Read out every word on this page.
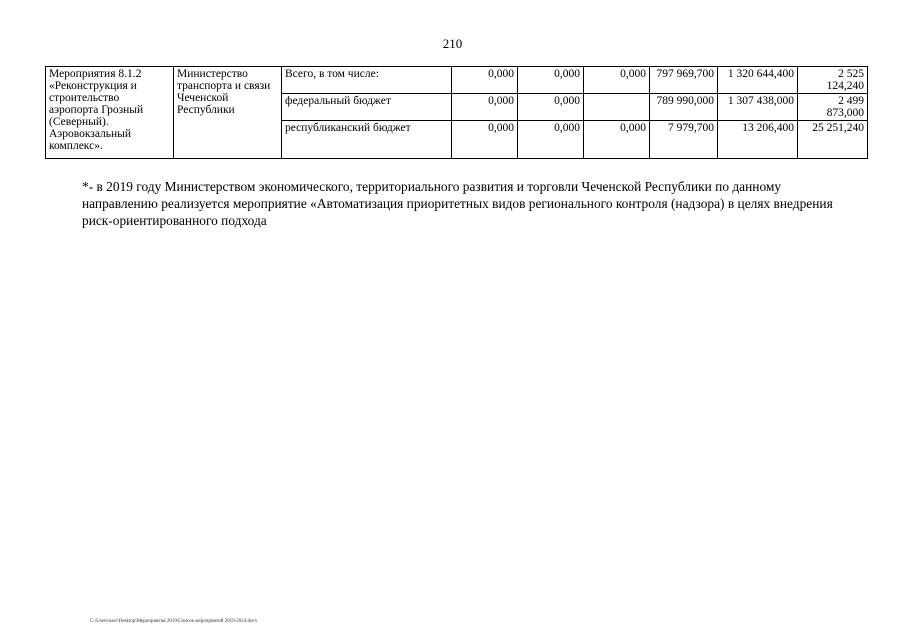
210
Мероприятия 8.1.2 «Реконструкция и строительство аэропорта Грозный (Северный). Аэровокзальный комплекс».	Министерство транспорта и связи Чеченской Республики	Всего, в том числе:	0,000	0,000	0,000	797 969,700	1 320 644,400	2 525 124,240
		федеральный бюджет	0,000	0,000		789 990,000	1 307 438,000	2 499 873,000
		республиканский бюджет	0,000	0,000	0,000	7 979,700	13 206,400	25 251,240
*- в 2019 году Министерством экономического, территориального развития и торговли Чеченской Республики по данному направлению реализуется мероприятие «Автоматизация приоритетных видов регионального контроля (надзора) в целях внедрения риск-ориентированного подхода
C:\Users\user\Desktop\Мероприятия 2019\Список мероприятий 2019-2024.docx
